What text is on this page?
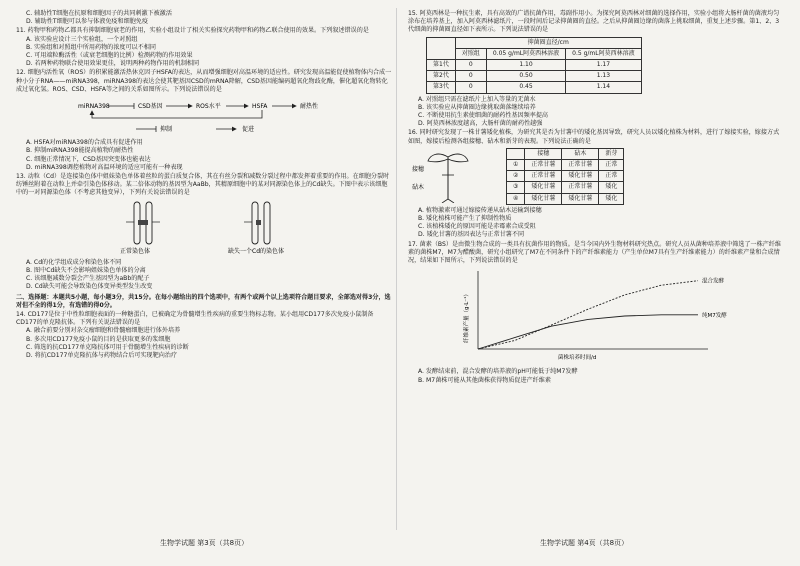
C. 辅助性T细胞在抗原和细胞因子的共同刺激下被激活
D. 辅助性T细胞可以参与体液免疫和细胞免疫
11. 药物甲和药物乙都具有抑制细胞衰老的作用，实验小组设计了相关实验探究药物甲和药物乙联合使用的效果。下列叙述错误的是
A. 该实验应设计三个实验组，一个对照组
B. 实验组和对照组中所用药物的浓度可以不相同
C. 可用端粒酶活性（或衰老细胞的比例）检测药物的作用效果
D. 若两种药物联合使用效果更佳，说明两种药物作用的机制相同
12. 细胞内活性氧（ROS）的积累能激活热休克因子HSFA的表达，从而增强细胞对高温环境的适应性。研究发现高温能促使植物体内合成一种小分子RNA——miRNA398，miRNA398的表达会使其靶基因CSD的mRNA降解，CSD基因能编码超氧化物歧化酶，催化超氧化物转化成过氧化氢。ROS、CSD、HSFA等之间的关系如图所示。下列说法错误的是
miRNA398	CSD基因	ROS水平	HSFA	耐热性
抑制	促进
A. HSFA对miRNA398的合成具有促进作用
B. 抑制miRNA398能提高植物的耐热性
C. 细胞正常情况下，CSD基因突变体也能表达
D. miRNA398调控植物对高温环境的适应可能有一种表现
13. 动粒（Cd）是连接染色体中姐妹染色单体着丝粒的蛋白质复合体，其在有丝分裂和减数分裂过程中都发挥着重要的作用。在细胞分裂时纺锤丝附着在动粒上并牵引染色体移动。某二倍体动物的基因型为AaBb，其精原细胞中的某对同源染色体上的Cd缺失。下图中表示该细胞中的一对同源染色体（不考虑其他变异），下列有关说法错误的是
正常染色体	缺失一个Cd的染色体
A. Cd的化学组成成分和染色体不同
B. 图中Cd缺失不会影响姐妹染色单体的分离
C. 该细胞减数分裂会产生基因型为aBb的配子
D. Cd缺失可能会导致染色体变异类型发生改变
二、选择题：本题共5小题，每小题3分，共15分。在每小题给出的四个选项中，有两个或两个以上选项符合题目要求，全部选对得3分，选对但不全的得1分，有选错的得0分。
14. CD177是位于中性粒细胞表面的一种糖蛋白，已被确定为骨髓增生性疾病的重要生物标志物。某小组用CD177多次免疫小鼠制备CD177的单克隆抗体。下列有关说法错误的是
A. 融合前要分别对杂交瘤细胞和骨髓瘤细胞进行体外培养
B. 多次用CD177免疫小鼠的目的是获取更多的浆细胞
C. 筛选的抗CD177单克隆抗体可用于骨髓增生性疾病的诊断
D. 将抗CD177单克隆抗体与药物结合后可实现靶向治疗
15. 阿莫西林是一种抗生素，具有高效的广谱抗菌作用，毒副作用小。为探究阿莫西林对细菌的选择作用，实验小组将大肠杆菌的菌液均匀涂布在培养基上，加入阿莫西林滤纸片，一段时间后记录抑菌圈的直径。之后从抑菌圈边缘的菌落上挑取细菌，重复上述步骤。第1、2、3代细菌的抑菌圈直径如下表所示。下列说法错误的是
	抑菌圈直径/cm		
	对照组	0.05 g/mL阿莫西林溶液	0.5 g/mL阿莫西林溶液
第1代	0	1.10	1.17
第2代	0	0.50	1.13
第3代	0	0.45	1.14
A. 对照组只需在滤纸片上加入等量的无菌水
B. 该实验应从抑菌圈边缘挑取菌落继续培养
C. 不断使用抗生素使细菌的耐药性基因频率提高
D. 阿莫西林浓度越高，大肠杆菌的耐药性越强
16. 同时研究发现了一株甘薯矮化植株，为研究其是否为甘薯中的矮化基因导致，研究人员以矮化植株为材料，进行了嫁接实验，嫁接方式如图，嫁接后检测各组接穗、砧木和新芽的表现。下列说法正确的是
接穗
砧木
	接穗	砧木	新芽
①	正常甘薯	正常甘薯	正常
②	正常甘薯	矮化甘薯	正常
③	矮化甘薯	正常甘薯	矮化
④	矮化甘薯	矮化甘薯	矮化
A. 植物激素可通过嫁接传递从砧木运输到接穗
B. 矮化植株可能产生了抑制性物质
C. 该植株矮化的原因可能是赤霉素合成受阻
D. 矮化甘薯的基因表达与正常甘薯不同
17. 菌素（BS）是由微生物合成的一类具有抗菌作用的物质。是当今国内外生物材料研究热点。研究人员从菌种培养液中筛选了一株产纤维素的菌株M7，M7为醋酸菌，研究小组研究了M7在不同条件下的产纤维素能力（产生单位M7具有生产纤维素能力）的纤维素产量和合成情况，结果如下图所示，下列说法错误的是
纤维素产量（g·L⁻¹）
菌株培养时间/d
混合发酵
纯M7发酵
A. 发酵结束前，混合发酵的培养液的pH可能低于纯M7发酵
B. M7菌株可能从其他菌株获得物质促进产纤维素
生物学试题 第3页（共8页）	生物学试题 第4页（共8页）
